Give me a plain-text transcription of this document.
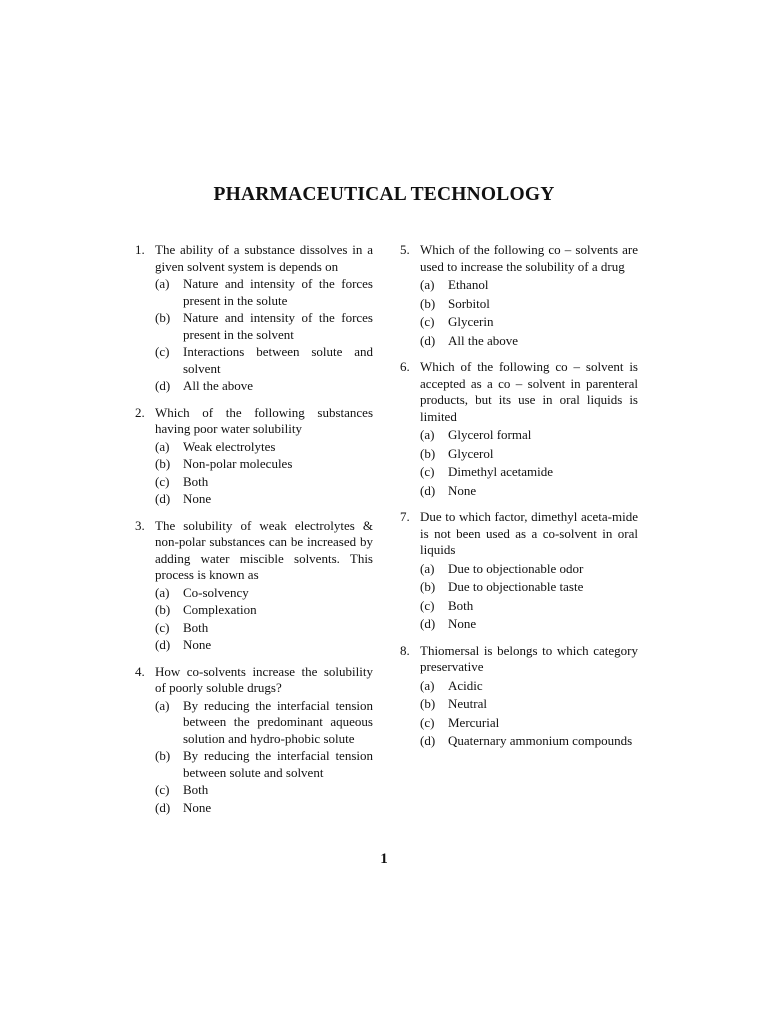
PHARMACEUTICAL TECHNOLOGY
1. The ability of a substance dissolves in a given solvent system is depends on
(a)	Nature and intensity of the forces present in the solute
(b) Nature and intensity of the forces present in the solvent
(c)	Interactions between solute and solvent
(d) All the above
2. Which of the following substances having poor water solubility
(a)	Weak electrolytes
(b) Non-polar molecules
(c)	Both
(d) None
3. The solubility of weak electrolytes & non-polar substances can be increased by adding water miscible solvents. This process is known as
(a)	Co-solvency
(b) Complexation
(c)	Both
(d) None
4. How co-solvents increase the solubility of poorly soluble drugs?
(a)	By reducing the interfacial tension between the predominant aqueous solution and hydro-phobic solute
(b) By reducing the interfacial tension between solute and solvent
(c)	Both
(d) None
5. Which of the following co – solvents are used to increase the solubility of a drug
(a)	Ethanol
(b) Sorbitol
(c)	Glycerin
(d) All the above
6. Which of the following co – solvent is accepted as a co – solvent in parenteral products, but its use in oral liquids is limited
(a)	Glycerol formal
(b) Glycerol
(c)	Dimethyl acetamide
(d) None
7. Due to which factor, dimethyl aceta-mide is not been used as a co-solvent in oral liquids
(a)	Due to objectionable odor
(b) Due to objectionable taste
(c)	Both
(d) None
8. Thiomersal is belongs to which category preservative
(a)	Acidic
(b) Neutral
(c)	Mercurial
(d) Quaternary ammonium compounds
1
